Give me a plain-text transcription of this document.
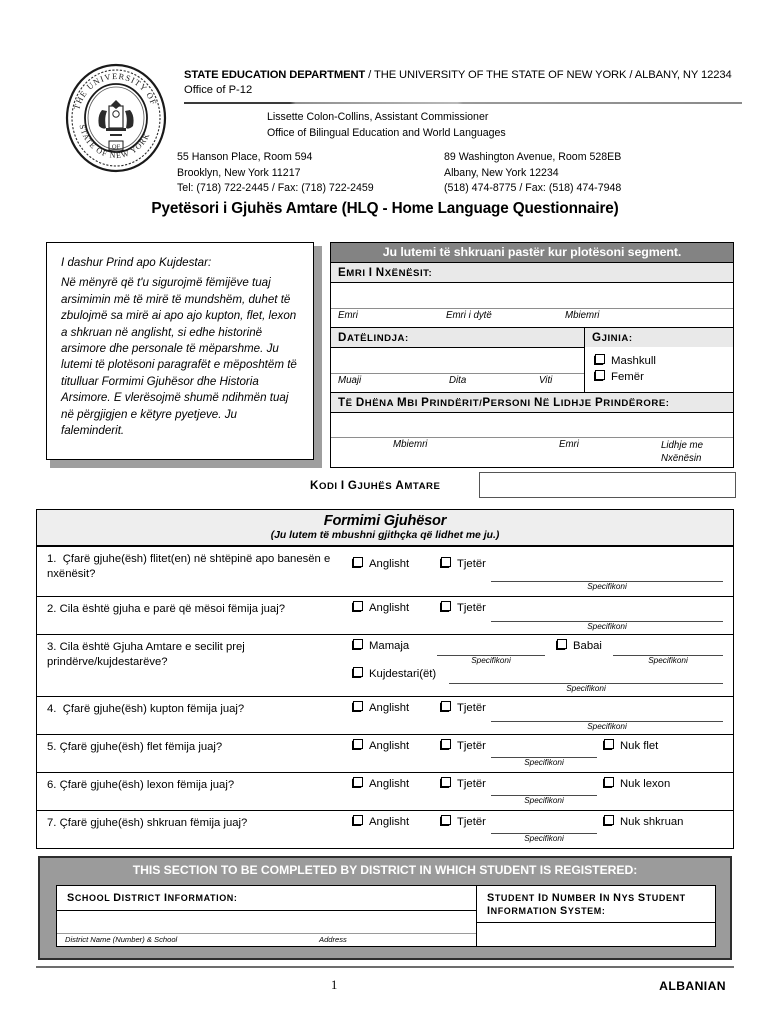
THE UNIVERSITY OF
STATE OF NEW YORK
OF
STATE EDUCATION DEPARTMENT / THE UNIVERSITY OF THE STATE OF NEW YORK / ALBANY, NY 12234
Office of P-12
Lissette Colon-Collins, Assistant Commissioner
Office of Bilingual Education and World Languages
55 Hanson Place, Room 594
Brooklyn, New York 11217
Tel: (718) 722-2445 / Fax: (718) 722-2459
89 Washington Avenue, Room 528EB
Albany, New York 12234
(518) 474-8775 / Fax: (518) 474-7948
Pyetësori i Gjuhës Amtare (HLQ - Home Language Questionnaire)

I dashur Prind apo Kujdestar:

Në mënyrë që t'u sigurojmë fëmijëve tuaj arsimimin më të mirë të mundshëm, duhet të zbulojmë sa mirë ai apo ajo kupton, flet, lexon a shkruan në anglisht, si edhe historinë arsimore dhe personale të mëparshme. Ju lutemi të plotësoni paragrafët e mëposhtëm të titulluar Formimi Gjuhësor dhe Historia Arsimore. E vlerësojmë shumë ndihmën tuaj në përgjigjen e këtyre pyetjeve. Ju faleminderit.

Ju lutemi të shkruani pastër kur plotësoni segment.
EMRI I NXËNËSIT:
Emri	Emri i dytë	Mbiemri
DATËLINDJA:
Muaji	Dita	Viti
GJINIA:
Mashkull
Femër
TË DHËNA MBI PRINDËRIT/PERSONI NË LIDHJE PRINDËRORE:
Mbiemri	Emri	Lidhje me Nxënësin
KODI I GJUHËS AMTARE
Formimi Gjuhësor
(Ju lutem të mbushni gjithçka që lidhet me ju.)
1. Çfarë gjuhe(ësh) flitet(en) në shtëpinë apo banesën e nxënësit?
Anglisht	Tjetër
Specifikoni
2. Cila është gjuha e parë që mësoi fëmija juaj?	Anglisht	Tjetër
Specifikoni
3. Cila është Gjuha Amtare e secilit prej prindërve/kujdestarëve?
Mamaja
Specifikoni
Babai
Specifikoni
Kujdestari(ët)
Specifikoni
4. Çfarë gjuhe(ësh) kupton fëmija juaj?	Anglisht	Tjetër
Specifikoni
5. Çfarë gjuhe(ësh) flet fëmija juaj?	Anglisht	Tjetër	Nuk flet
Specifikoni
6. Çfarë gjuhe(ësh) lexon fëmija juaj?	Anglisht	Tjetër	Nuk lexon
Specifikoni
7. Çfarë gjuhe(ësh) shkruan fëmija juaj?	Anglisht	Tjetër	Nuk shkruan
Specifikoni
THIS SECTION TO BE COMPLETED BY DISTRICT IN WHICH STUDENT IS REGISTERED:
SCHOOL DISTRICT INFORMATION:
District Name (Number) & School	Address
STUDENT ID NUMBER IN NYS STUDENT INFORMATION SYSTEM:
1	ALBANIAN
